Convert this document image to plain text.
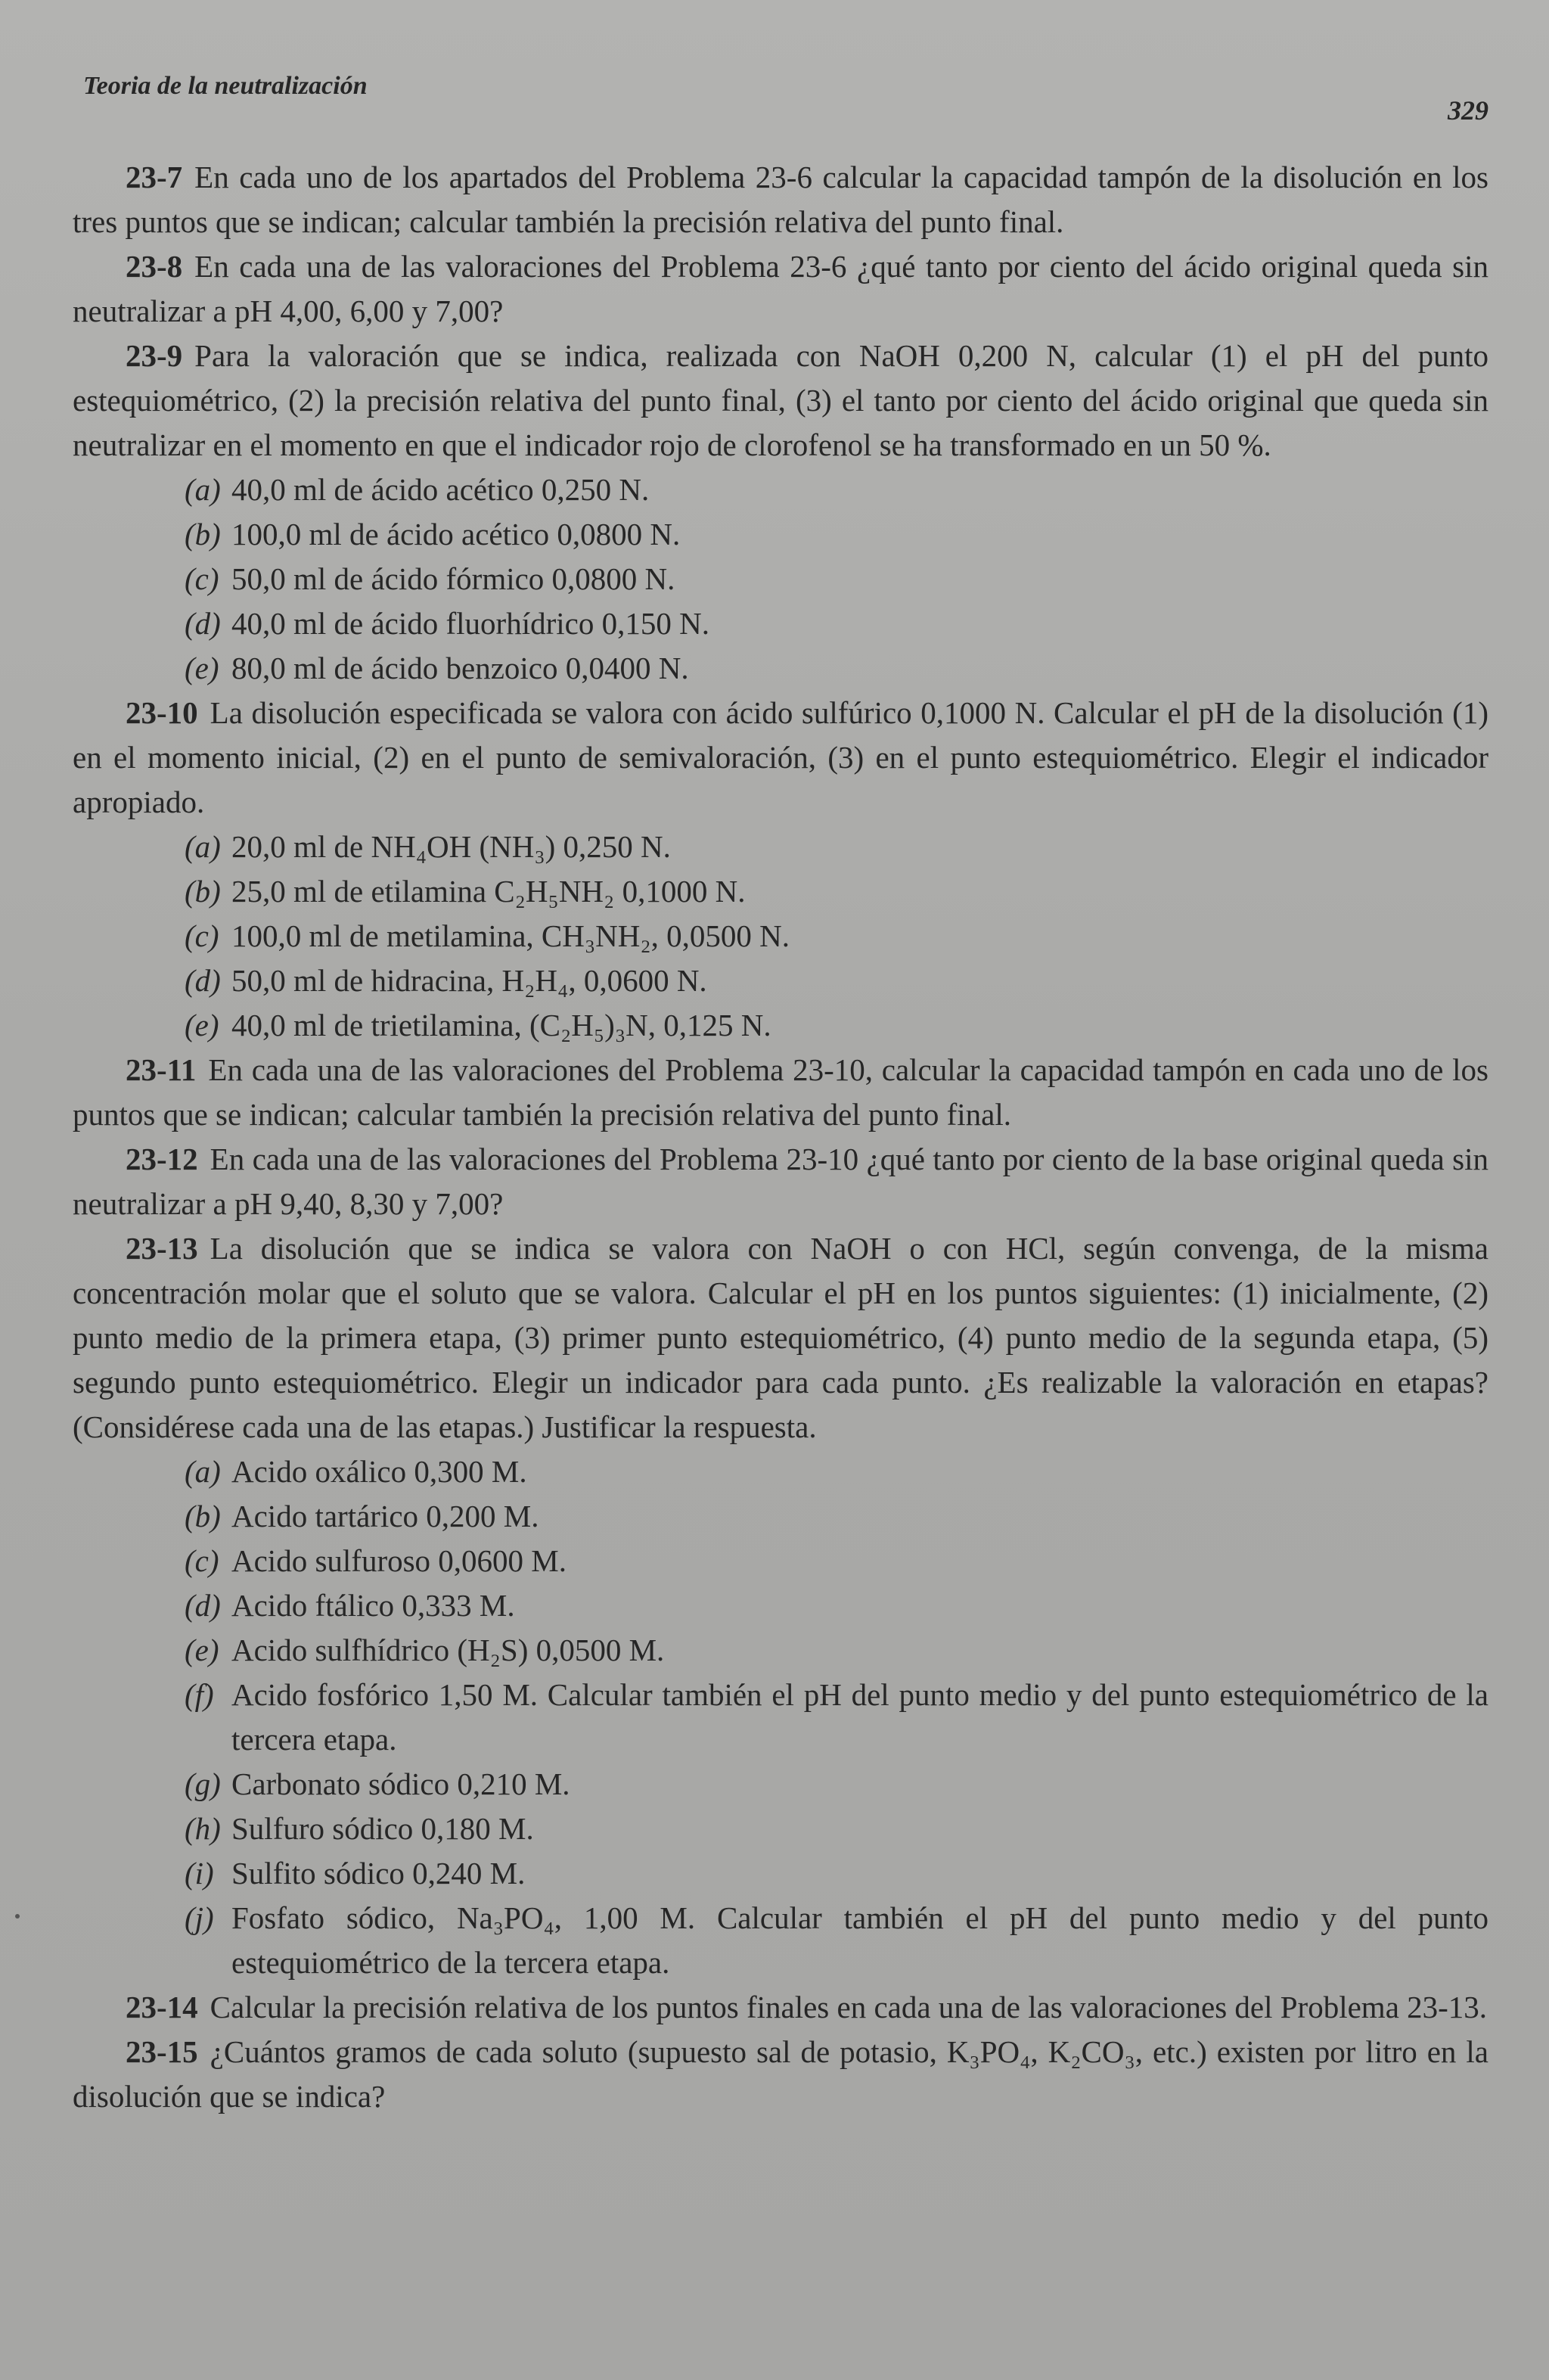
Teoria de la neutralización
329

23-7 En cada uno de los apartados del Problema 23-6 calcular la capacidad tampón de la disolución en los tres puntos que se indican; calcular también la precisión relativa del punto final.

23-8 En cada una de las valoraciones del Problema 23-6 ¿qué tanto por ciento del ácido original queda sin neutralizar a pH 4,00, 6,00 y 7,00?

23-9 Para la valoración que se indica, realizada con NaOH 0,200 N, calcular (1) el pH del punto estequiométrico, (2) la precisión relativa del punto final, (3) el tanto por ciento del ácido original que queda sin neutralizar en el momento en que el indicador rojo de clorofenol se ha transformado en un 50 %.

(a) 40,0 ml de ácido acético 0,250 N.

(b) 100,0 ml de ácido acético 0,0800 N.

(c) 50,0 ml de ácido fórmico 0,0800 N.

(d) 40,0 ml de ácido fluorhídrico 0,150 N.

(e) 80,0 ml de ácido benzoico 0,0400 N.

23-10 La disolución especificada se valora con ácido sulfúrico 0,1000 N. Calcular el pH de la disolución (1) en el momento inicial, (2) en el punto de semivaloración, (3) en el punto estequiométrico. Elegir el indicador apropiado.

(a) 20,0 ml de NH₄OH (NH₃) 0,250 N.

(b) 25,0 ml de etilamina C₂H₅NH₂ 0,1000 N.

(c) 100,0 ml de metilamina, CH₃NH₂, 0,0500 N.

(d) 50,0 ml de hidracina, H₂H₄, 0,0600 N.

(e) 40,0 ml de trietilamina, (C₂H₅)₃N, 0,125 N.

23-11 En cada una de las valoraciones del Problema 23-10, calcular la capacidad tampón en cada uno de los puntos que se indican; calcular también la precisión relativa del punto final.

23-12 En cada una de las valoraciones del Problema 23-10 ¿qué tanto por ciento de la base original queda sin neutralizar a pH 9,40, 8,30 y 7,00?

23-13 La disolución que se indica se valora con NaOH o con HCl, según convenga, de la misma concentración molar que el soluto que se valora. Calcular el pH en los puntos siguientes: (1) inicialmente, (2) punto medio de la primera etapa, (3) primer punto estequiométrico, (4) punto medio de la segunda etapa, (5) segundo punto estequiométrico. Elegir un indicador para cada punto. ¿Es realizable la valoración en etapas? (Considérese cada una de las etapas.) Justificar la respuesta.

(a) Acido oxálico 0,300 M.

(b) Acido tartárico 0,200 M.

(c) Acido sulfuroso 0,0600 M.

(d) Acido ftálico 0,333 M.

(e) Acido sulfhídrico (H₂S) 0,0500 M.

(f) Acido fosfórico 1,50 M. Calcular también el pH del punto medio y del punto estequiométrico de la tercera etapa.

(g) Carbonato sódico 0,210 M.

(h) Sulfuro sódico 0,180 M.

(i) Sulfito sódico 0,240 M.

(j) Fosfato sódico, Na₃PO₄, 1,00 M. Calcular también el pH del punto medio y del punto estequiométrico de la tercera etapa.

23-14 Calcular la precisión relativa de los puntos finales en cada una de las valoraciones del Problema 23-13.

23-15 ¿Cuántos gramos de cada soluto (supuesto sal de potasio, K₃PO₄, K₂CO₃, etc.) existen por litro en la disolución que se indica?
